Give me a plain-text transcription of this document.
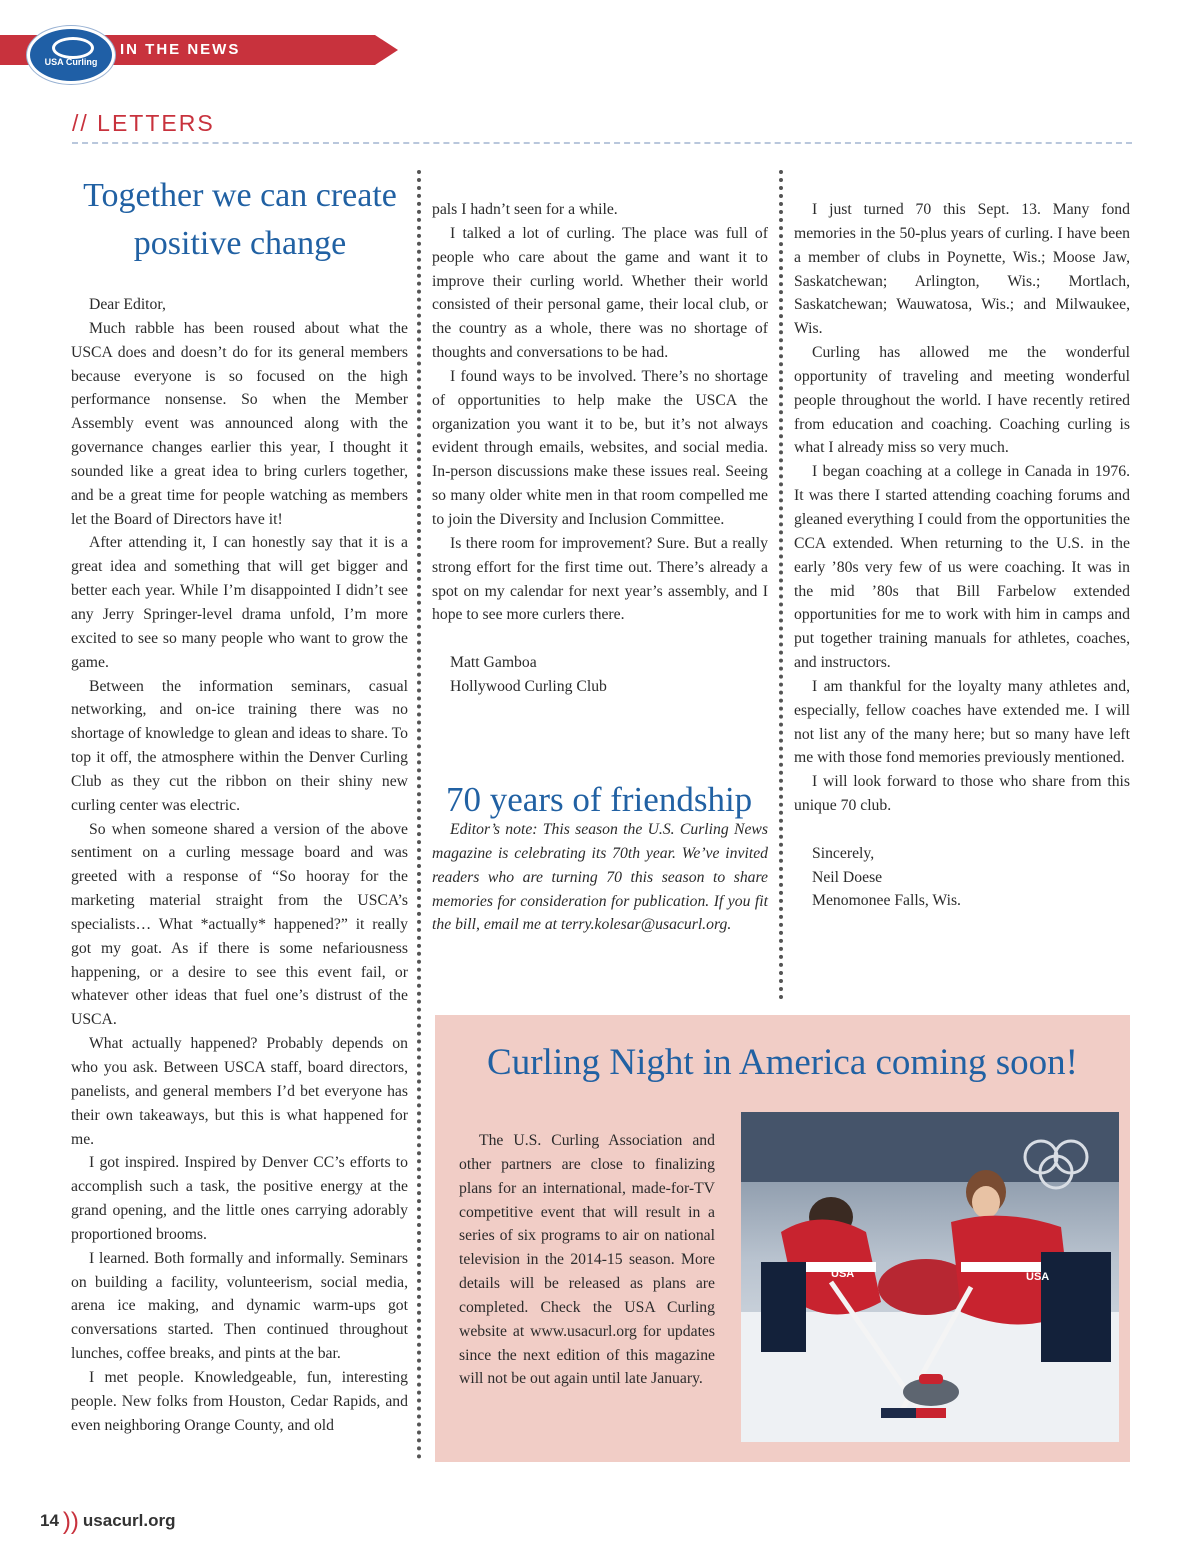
IN THE NEWS
USA Curling
// LETTERS
Together we can create
positive change

Dear Editor,

Much rabble has been roused about what the USCA does and doesn’t do for its general members because everyone is so focused on the high performance nonsense. So when the Member Assembly event was announced along with the governance changes earlier this year, I thought it sounded like a great idea to bring curlers together, and be a great time for people watching as members let the Board of Directors have it!

After attending it, I can honestly say that it is a great idea and something that will get bigger and better each year. While I’m disappointed I didn’t see any Jerry Springer-level drama unfold, I’m more excited to see so many people who want to grow the game.

Between the information seminars, casual networking, and on-ice training there was no shortage of knowledge to glean and ideas to share. To top it off, the atmosphere within the Denver Curling Club as they cut the ribbon on their shiny new curling center was electric.

So when someone shared a version of the above sentiment on a curling message board and was greeted with a response of “So hooray for the marketing material straight from the USCA’s specialists… What *actually* happened?” it really got my goat. As if there is some nefariousness happening, or a desire to see this event fail, or whatever other ideas that fuel one’s distrust of the USCA.

What actually happened? Probably depends on who you ask. Between USCA staff, board directors, panelists, and general members I’d bet everyone has their own takeaways, but this is what happened for me.

I got inspired. Inspired by Denver CC’s efforts to accomplish such a task, the positive energy at the grand opening, and the little ones carrying adorably proportioned brooms.

I learned. Both formally and informally. Seminars on building a facility, volunteerism, social media, arena ice making, and dynamic warm-ups got conversations started. Then continued throughout lunches, coffee breaks, and pints at the bar.

I met people. Knowledgeable, fun, interesting people. New folks from Houston, Cedar Rapids, and even neighboring Orange County, and old

pals I hadn’t seen for a while.

I talked a lot of curling. The place was full of people who care about the game and want it to improve their curling world. Whether their world consisted of their personal game, their local club, or the country as a whole, there was no shortage of thoughts and conversations to be had.

I found ways to be involved. There’s no shortage of opportunities to help make the USCA the organization you want it to be, but it’s not always evident through emails, websites, and social media. In-person discussions make these issues real. Seeing so many older white men in that room compelled me to join the Diversity and Inclusion Committee.

Is there room for improvement? Sure. But a really strong effort for the first time out. There’s already a spot on my calendar for next year’s assembly, and I hope to see more curlers there.

Matt Gamboa

Hollywood Curling Club

70 years of friendship

Editor’s note: This season the U.S. Curling News magazine is celebrating its 70th year. We’ve invited readers who are turning 70 this season to share memories for consideration for publication. If you fit the bill, email me at terry.kolesar@usacurl.org.

I just turned 70 this Sept. 13. Many fond memories in the 50-plus years of curling. I have been a member of clubs in Poynette, Wis.; Moose Jaw, Saskatchewan; Arlington, Wis.; Mortlach, Saskatchewan; Wauwatosa, Wis.; and Milwaukee, Wis.

Curling has allowed me the wonderful opportunity of traveling and meeting wonderful people throughout the world. I have recently retired from education and coaching. Coaching curling is what I already miss so very much.

I began coaching at a college in Canada in 1976. It was there I started attending coaching forums and gleaned everything I could from the opportunities the CCA extended. When returning to the U.S. in the early ’80s very few of us were coaching. It was in the mid ’80s that Bill Farbelow extended opportunities for me to work with him in camps and put together training manuals for athletes, coaches, and instructors.

I am thankful for the loyalty many athletes and, especially, fellow coaches have extended me. I will not list any of the many here; but so many have left me with those fond memories previously mentioned.

I will look forward to those who share from this unique 70 club.

Sincerely,

Neil Doese

Menomonee Falls, Wis.

Curling Night in America coming soon!

The U.S. Curling Association and other partners are close to finalizing plans for an international, made-for-TV competitive event that will result in a series of six programs to air on national television in the 2014-15 season. More details will be released as plans are completed. Check the USA Curling website at www.usacurl.org for updates since the next edition of this magazine will not be out again until late January.

USA	USA
14 )) usacurl.org
